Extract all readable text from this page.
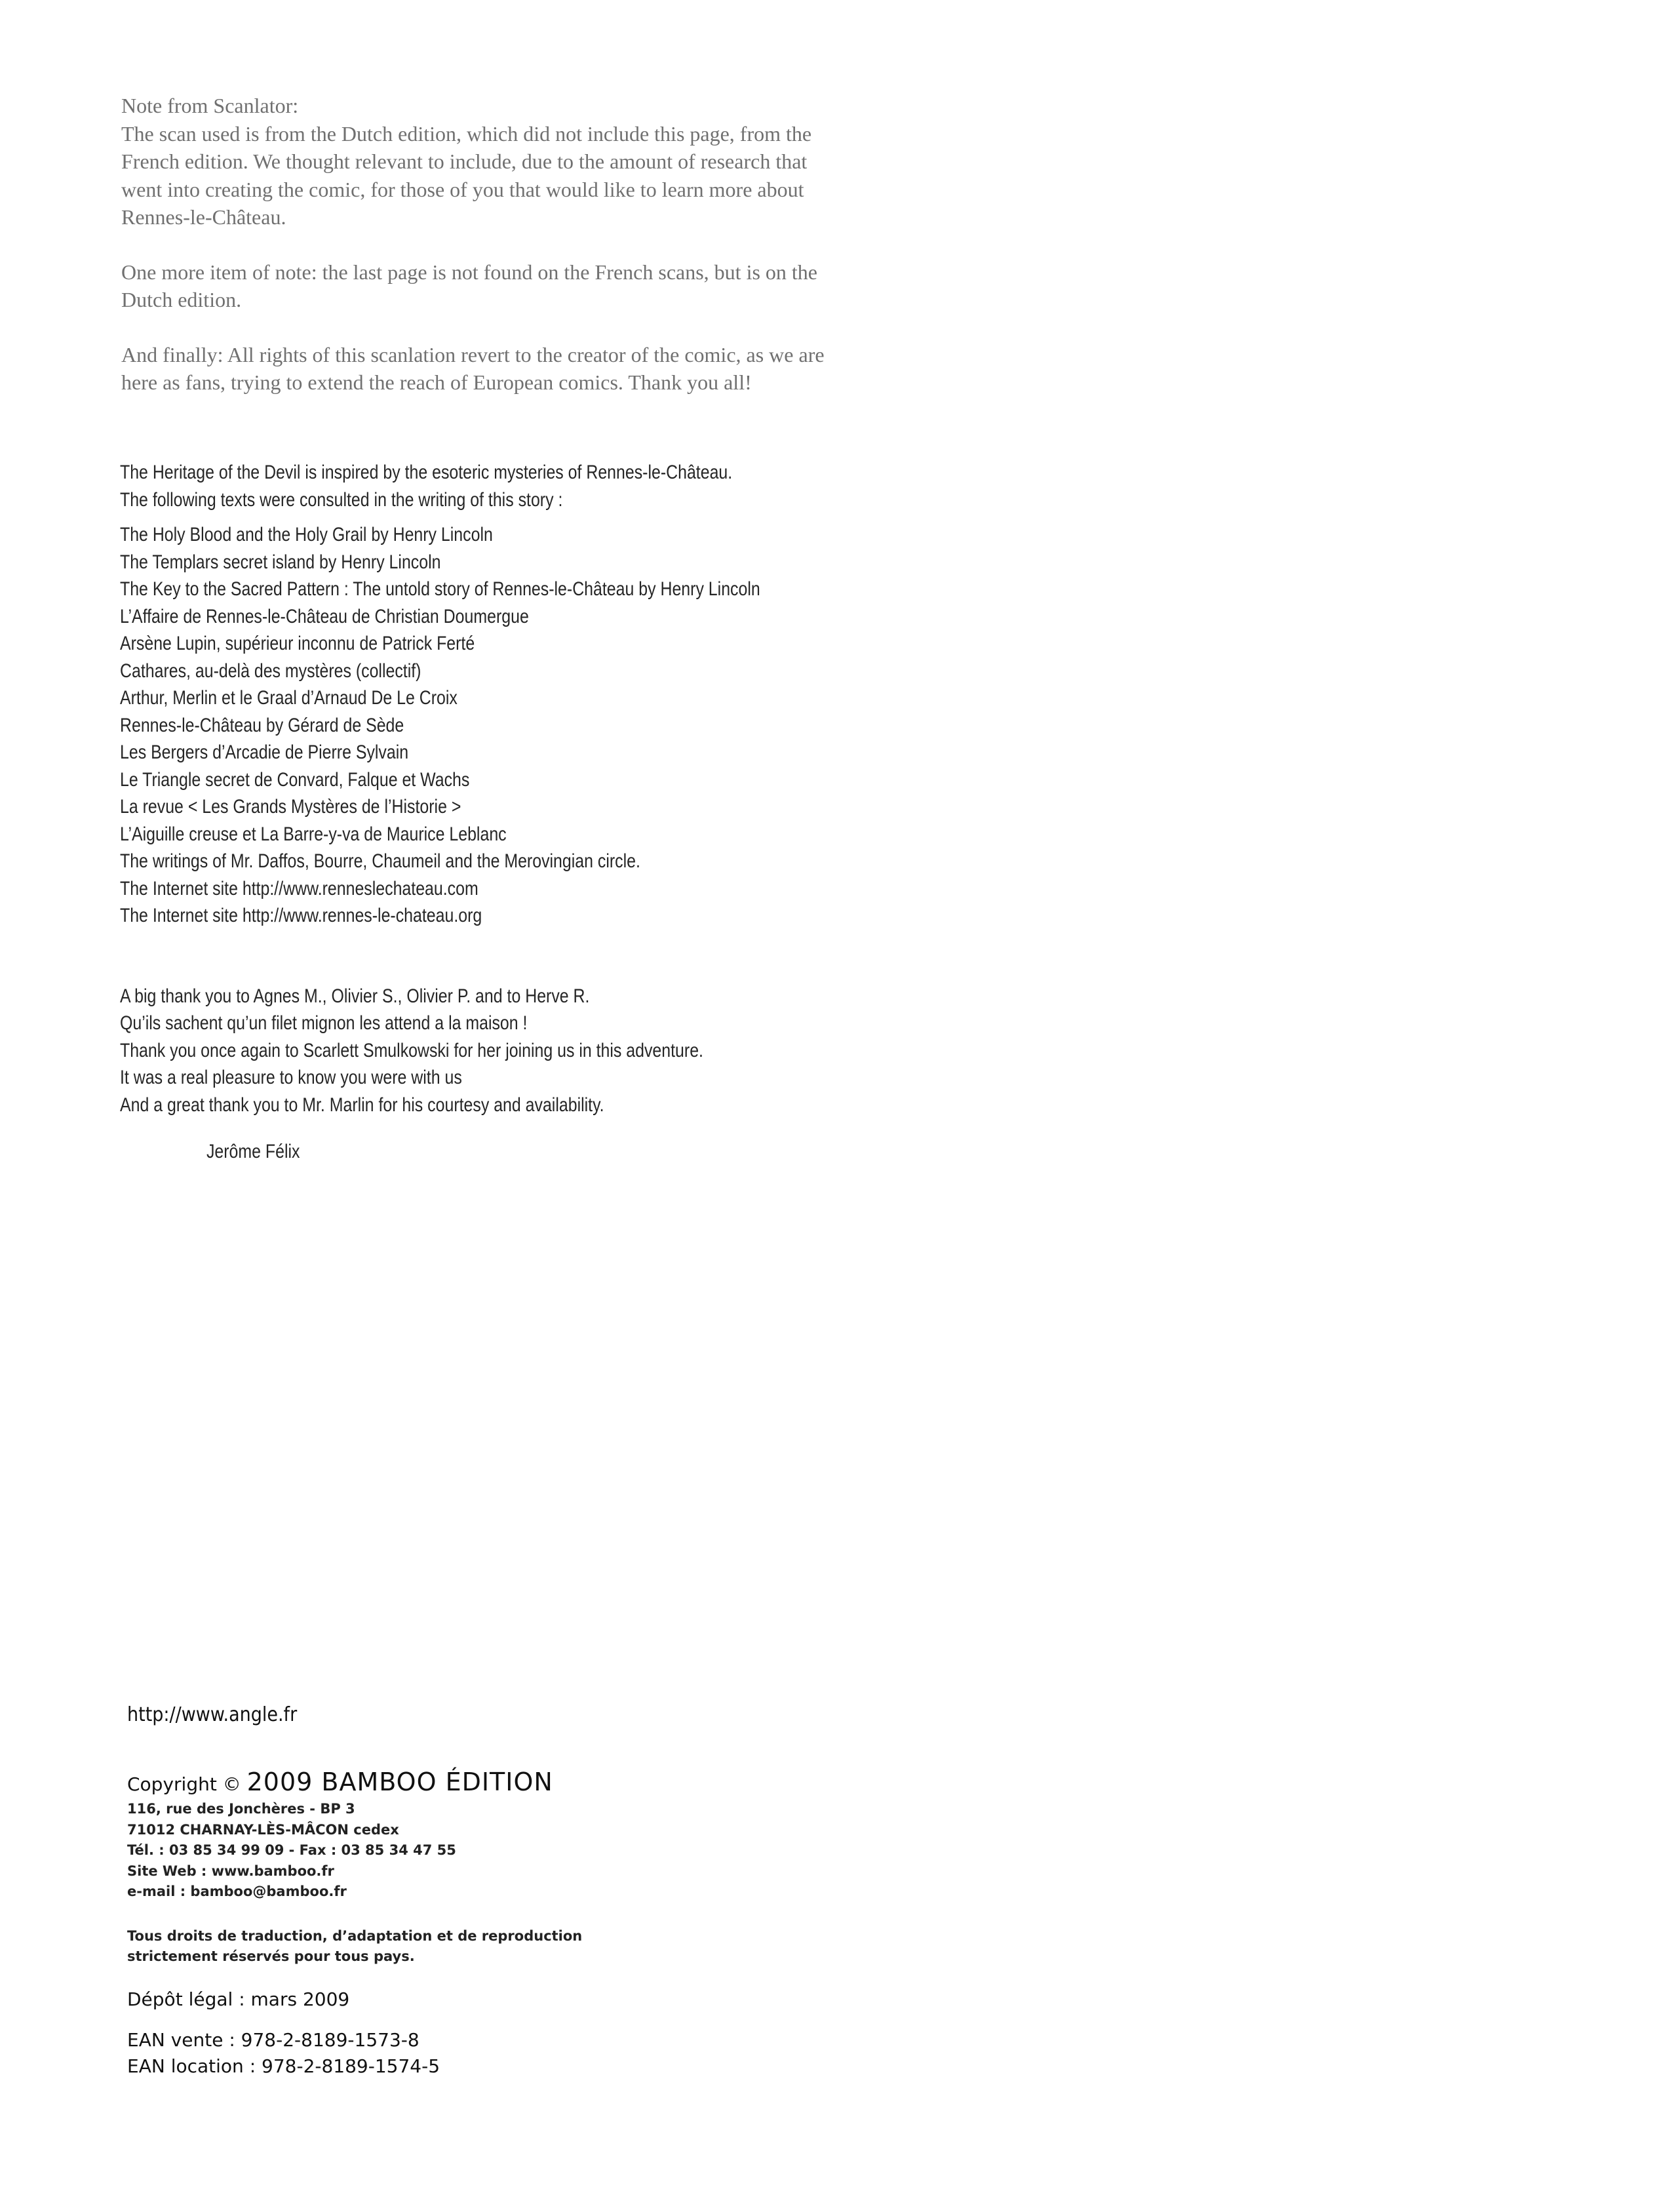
Note from Scanlator:

The scan used is from the Dutch edition, which did not include this page, from the

French edition. We thought relevant to include, due to the amount of research that

went into creating the comic, for those of you that would like to learn more about

Rennes-le-Château.

One more item of note: the last page is not found on the French scans, but is on the

Dutch edition.

And finally: All rights of this scanlation revert to the creator of the comic, as we are

here as fans, trying to extend the reach of European comics. Thank you all!

The Heritage of the Devil is inspired by the esoteric mysteries of Rennes-le-Château.

The following texts were consulted in the writing of this story :

The Holy Blood and the Holy Grail by Henry Lincoln
The Templars secret island by Henry Lincoln
The Key to the Sacred Pattern : The untold story of Rennes-le-Château by Henry Lincoln
L’Affaire de Rennes-le-Château de Christian Doumergue
Arsène Lupin, supérieur inconnu de Patrick Ferté
Cathares, au-delà des mystères (collectif)
Arthur, Merlin et le Graal d’Arnaud De Le Croix
Rennes-le-Château by Gérard de Sède
Les Bergers d’Arcadie de Pierre Sylvain
Le Triangle secret de Convard, Falque et Wachs
La revue < Les Grands Mystères de l’Historie >
L’Aiguille creuse et La Barre-y-va de Maurice Leblanc
The writings of Mr. Daffos, Bourre, Chaumeil and the Merovingian circle.
The Internet site http://www.renneslechateau.com
The Internet site http://www.rennes-le-chateau.org

A big thank you to Agnes M., Olivier S., Olivier P. and to Herve R.

Qu’ils sachent qu’un filet mignon les attend a la maison !

Thank you once again to Scarlett Smulkowski for her joining us in this adventure.

It was a real pleasure to know you were with us

And a great thank you to Mr. Marlin for his courtesy and availability.

Jerôme Félix

http://www.angle.fr

Copyright © 2009 BAMBOO ÉDITION

116, rue des Jonchères - BP 3

71012 CHARNAY-LÈS-MÂCON cedex

Tél. : 03 85 34 99 09 - Fax : 03 85 34 47 55

Site Web : www.bamboo.fr

e-mail : bamboo@bamboo.fr

Tous droits de traduction, d’adaptation et de reproduction

strictement réservés pour tous pays.

Dépôt légal : mars 2009

EAN vente : 978-2-8189-1573-8

EAN location : 978-2-8189-1574-5
